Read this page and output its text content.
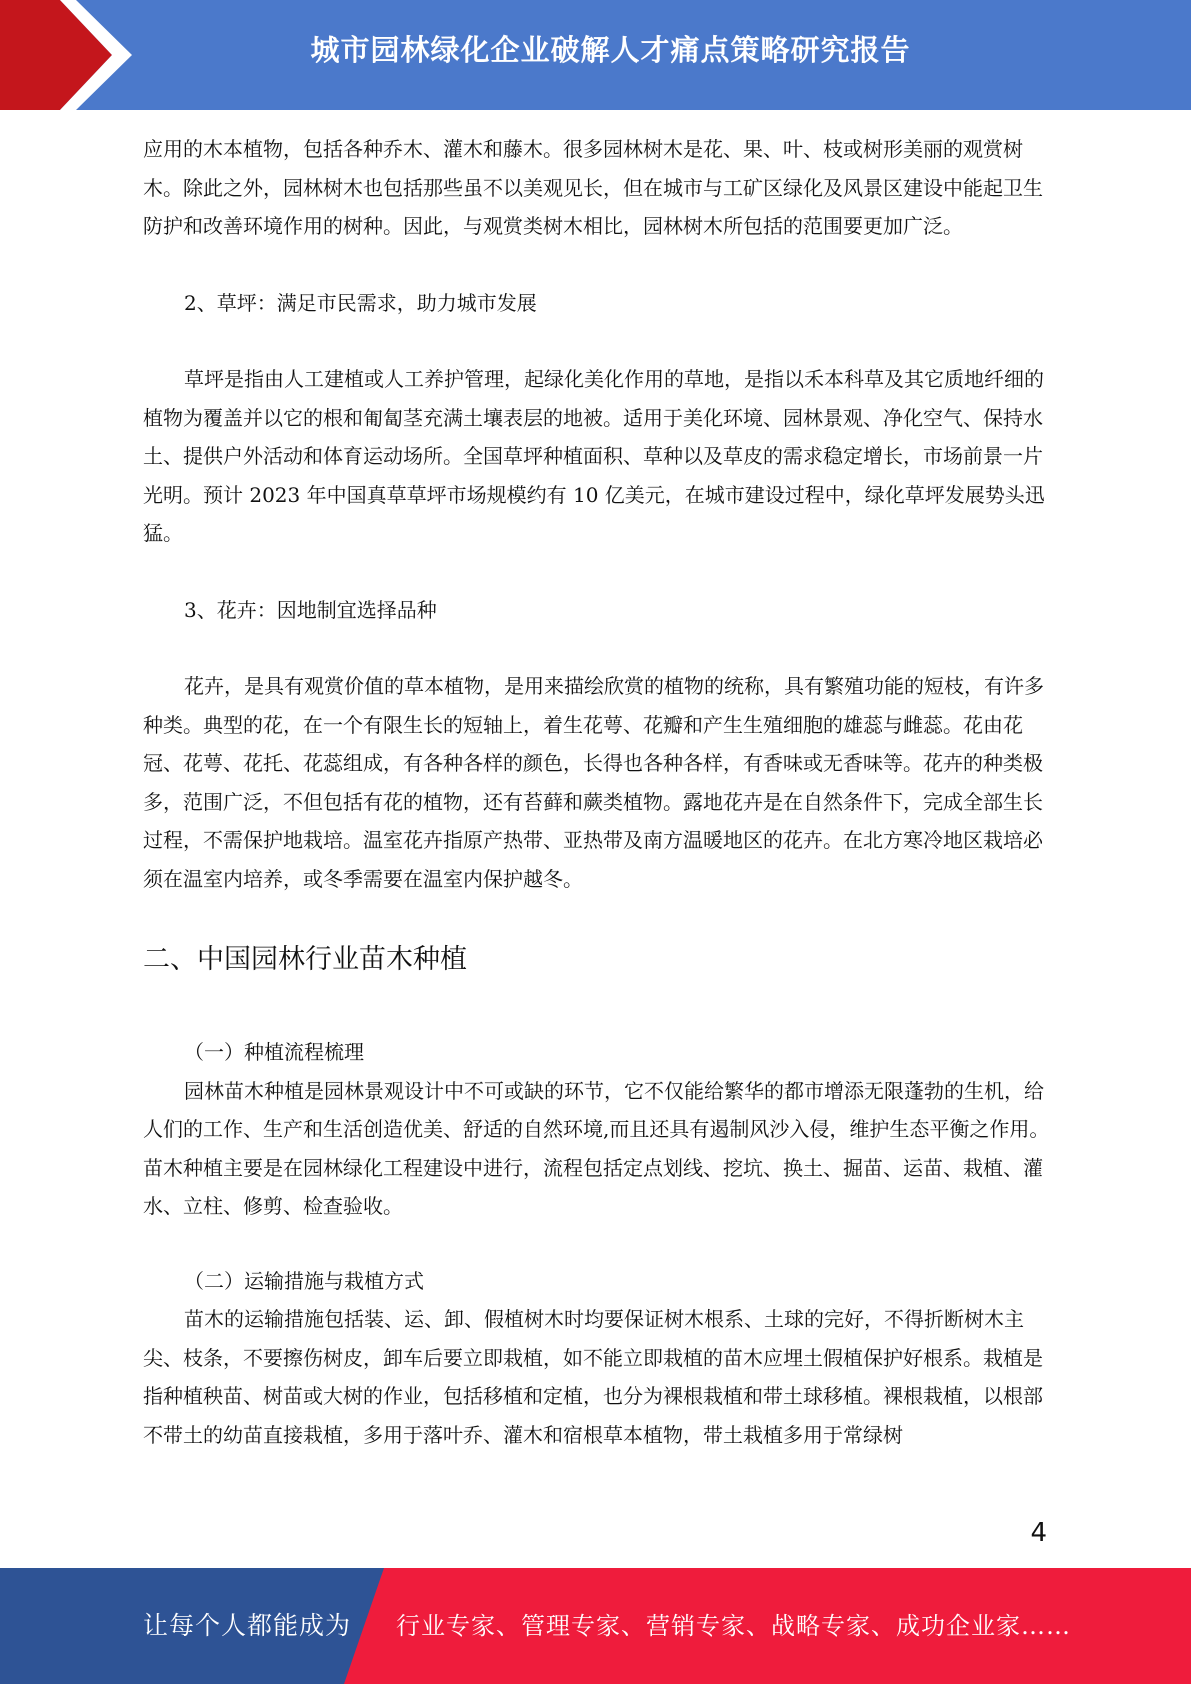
城市园林绿化企业破解人才痛点策略研究报告

应用的木本植物，包括各种乔木、灌木和藤木。很多园林树木是花、果、叶、枝或树形美丽的观赏树木。除此之外，园林树木也包括那些虽不以美观见长，但在城市与工矿区绿化及风景区建设中能起卫生防护和改善环境作用的树种。因此，与观赏类树木相比，园林树木所包括的范围要更加广泛。

2、草坪：满足市民需求，助力城市发展

草坪是指由人工建植或人工养护管理，起绿化美化作用的草地，是指以禾本科草及其它质地纤细的植物为覆盖并以它的根和匍匐茎充满土壤表层的地被。适用于美化环境、园林景观、净化空气、保持水土、提供户外活动和体育运动场所。全国草坪种植面积、草种以及草皮的需求稳定增长，市场前景一片光明。预计 2023 年中国真草草坪市场规模约有 10 亿美元，在城市建设过程中，绿化草坪发展势头迅猛。

3、花卉：因地制宜选择品种

花卉，是具有观赏价值的草本植物，是用来描绘欣赏的植物的统称，具有繁殖功能的短枝，有许多种类。典型的花，在一个有限生长的短轴上，着生花萼、花瓣和产生生殖细胞的雄蕊与雌蕊。花由花冠、花萼、花托、花蕊组成，有各种各样的颜色，长得也各种各样，有香味或无香味等。花卉的种类极多，范围广泛，不但包括有花的植物，还有苔藓和蕨类植物。露地花卉是在自然条件下，完成全部生长过程，不需保护地栽培。温室花卉指原产热带、亚热带及南方温暖地区的花卉。在北方寒冷地区栽培必须在温室内培养，或冬季需要在温室内保护越冬。

二、中国园林行业苗木种植

（一）种植流程梳理

园林苗木种植是园林景观设计中不可或缺的环节，它不仅能给繁华的都市增添无限蓬勃的生机，给人们的工作、生产和生活创造优美、舒适的自然环境,而且还具有遏制风沙入侵，维护生态平衡之作用。苗木种植主要是在园林绿化工程建设中进行，流程包括定点划线、挖坑、换土、掘苗、运苗、栽植、灌水、立柱、修剪、检查验收。

（二）运输措施与栽植方式

苗木的运输措施包括装、运、卸、假植树木时均要保证树木根系、土球的完好，不得折断树木主尖、枝条，不要擦伤树皮，卸车后要立即栽植，如不能立即栽植的苗木应埋土假植保护好根系。栽植是指种植秧苗、树苗或大树的作业，包括移植和定植，也分为裸根栽植和带土球移植。裸根栽植，以根部不带土的幼苗直接栽植，多用于落叶乔、灌木和宿根草本植物，带土栽植多用于常绿树

4
让每个人都能成为 行业专家、管理专家、营销专家、战略专家、成功企业家……
